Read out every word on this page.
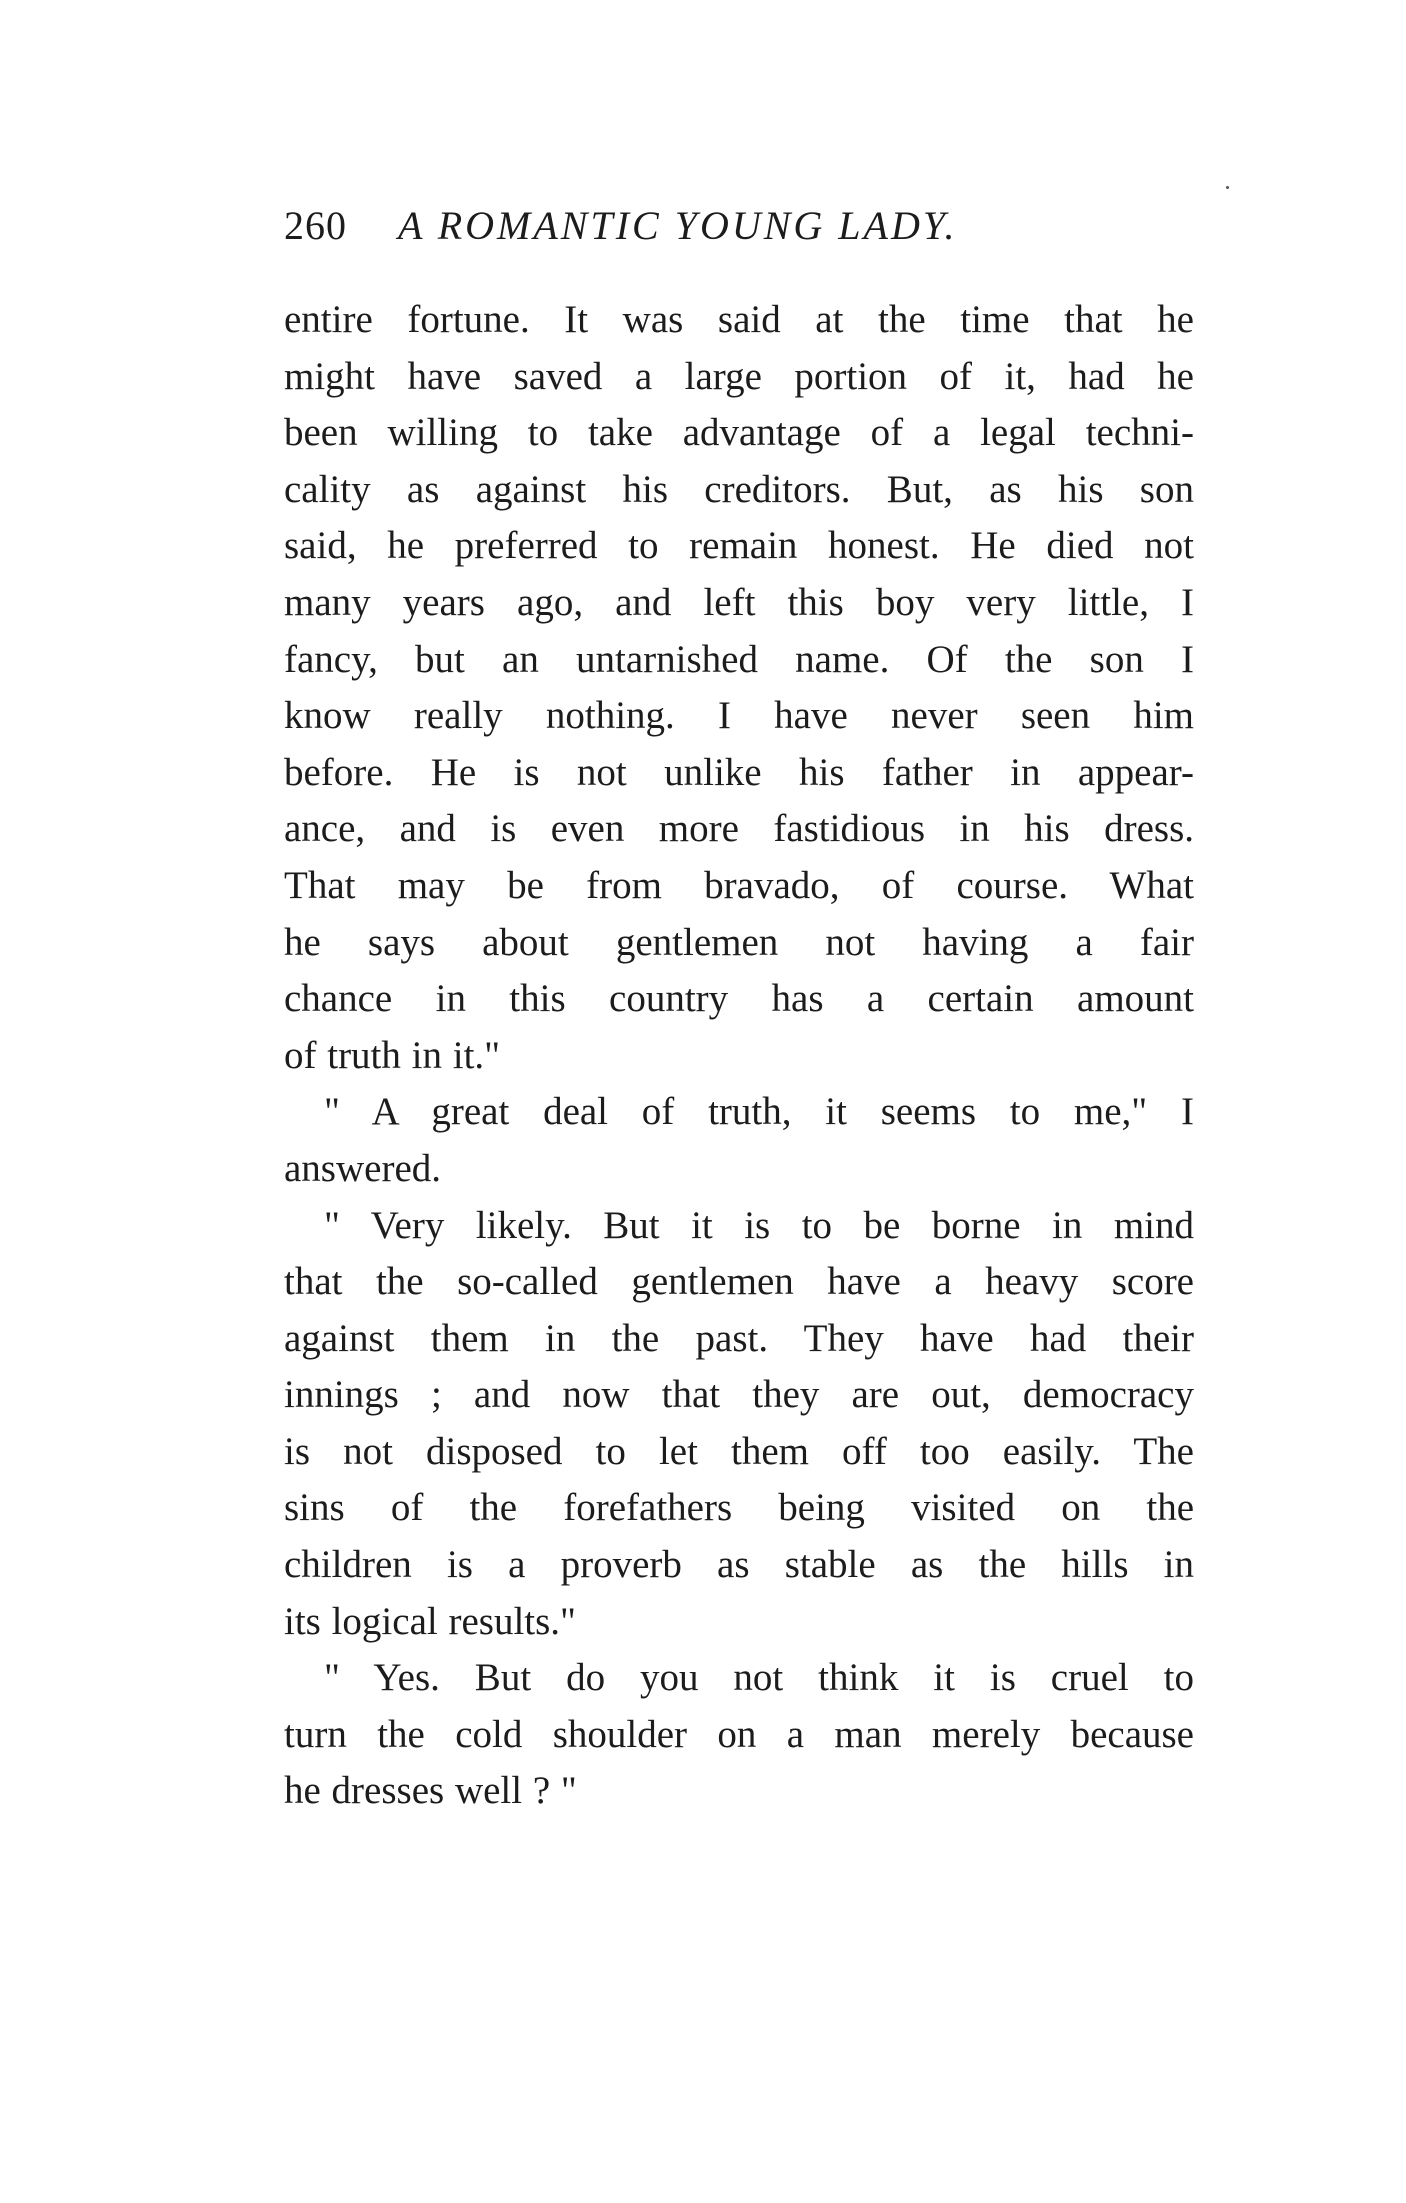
260 A ROMANTIC YOUNG LADY.
entire fortune. It was said at the time that he
might have saved a large portion of it, had he
been willing to take advantage of a legal techni-
cality as against his creditors. But, as his son
said, he preferred to remain honest. He died not
many years ago, and left this boy very little, I
fancy, but an untarnished name. Of the son I
know really nothing. I have never seen him
before. He is not unlike his father in appear-
ance, and is even more fastidious in his dress.
That may be from bravado, of course. What
he says about gentlemen not having a fair
chance in this country has a certain amount
of truth in it."
" A great deal of truth, it seems to me," I
answered.
" Very likely. But it is to be borne in mind
that the so-called gentlemen have a heavy score
against them in the past. They have had their
innings ; and now that they are out, democracy
is not disposed to let them off too easily. The
sins of the forefathers being visited on the
children is a proverb as stable as the hills in
its logical results."
" Yes. But do you not think it is cruel to
turn the cold shoulder on a man merely because
he dresses well ? "
